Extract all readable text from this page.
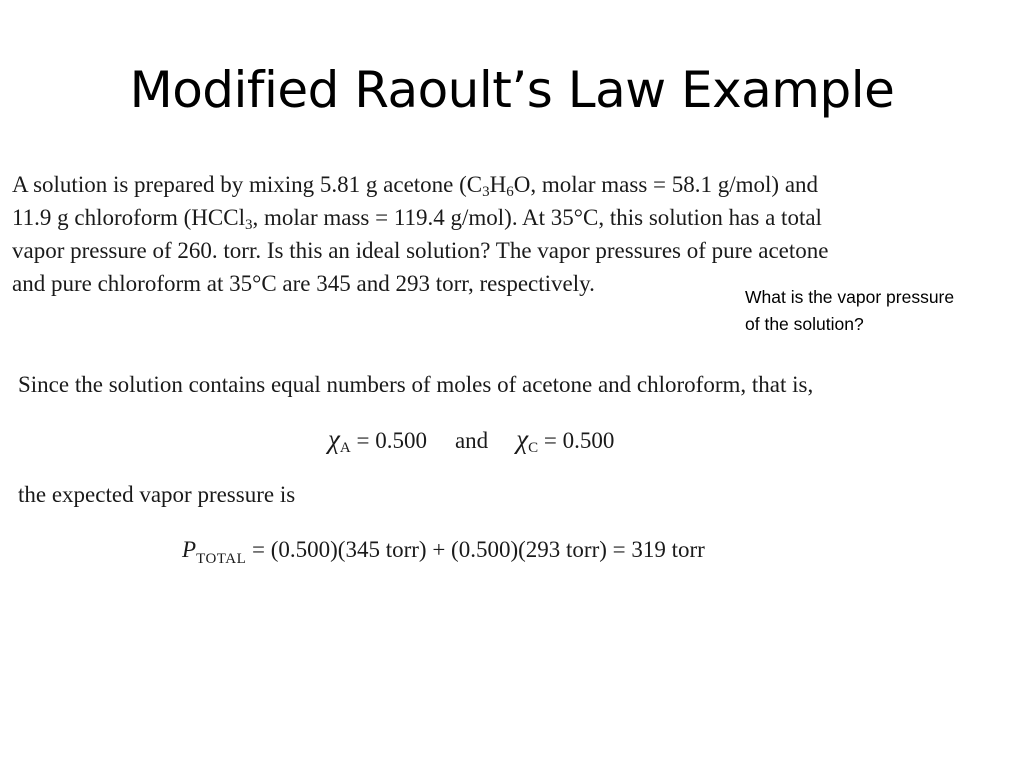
Modified Raoult’s Law Example
A solution is prepared by mixing 5.81 g acetone ($C_3H_6O$, molar mass = 58.1 g/mol) and
11.9 g chloroform (HCCl$_3$, molar mass = 119.4 g/mol). At 35°C, this solution has a total
vapor pressure of 260. torr. Is this an ideal solution? The vapor pressures of pure acetone
and pure chloroform at 35°C are 345 and 293 torr, respectively.
What is the vapor pressure
of the solution?
Since the solution contains equal numbers of moles of acetone and chloroform, that is,
$\chi_A = 0.500$ and $\chi_C = 0.500$
the expected vapor pressure is
$P_{TOTAL} = (0.500)(345$ torr) + (0.500)(293 torr) = 319 torr
